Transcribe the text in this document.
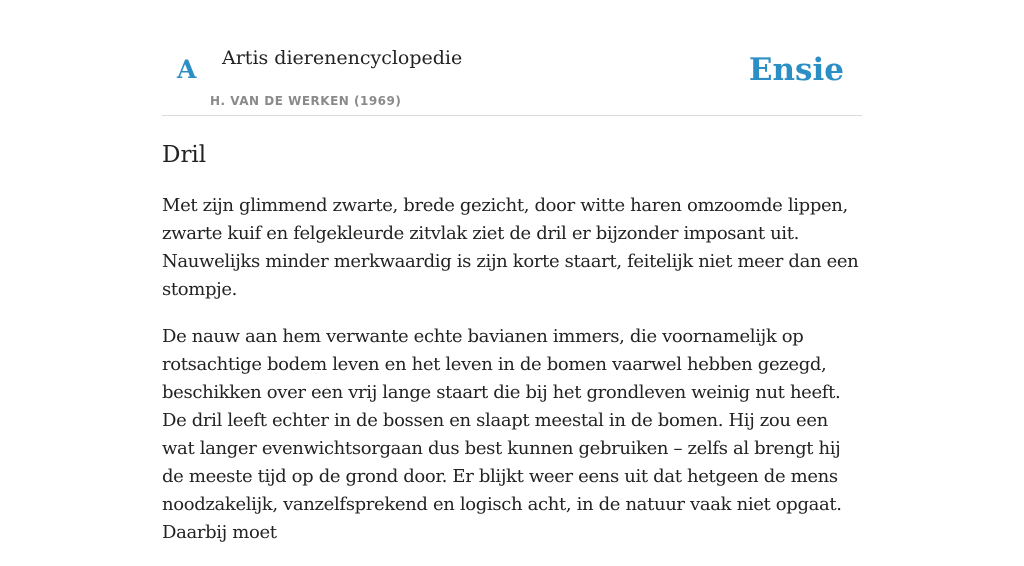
A Artis dierenencyclopedie
H. VAN DE WERKEN (1969)
Ensie
Dril

Met zijn glimmend zwarte, brede gezicht, door witte haren omzoomde lippen, zwarte kuif en felgekleurde zitvlak ziet de dril er bijzonder imposant uit. Nauwelijks minder merkwaardig is zijn korte staart, feitelijk niet meer dan een stompje.

De nauw aan hem verwante echte bavianen immers, die voornamelijk op rotsachtige bodem leven en het leven in de bomen vaarwel hebben gezegd, beschikken over een vrij lange staart die bij het grondleven weinig nut heeft. De dril leeft echter in de bossen en slaapt meestal in de bomen. Hij zou een wat langer evenwichtsorgaan dus best kunnen gebruiken – zelfs al brengt hij de meeste tijd op de grond door. Er blijkt weer eens uit dat hetgeen de mens noodzakelijk, vanzelfsprekend en logisch acht, in de natuur vaak niet opgaat. Daarbij moet
